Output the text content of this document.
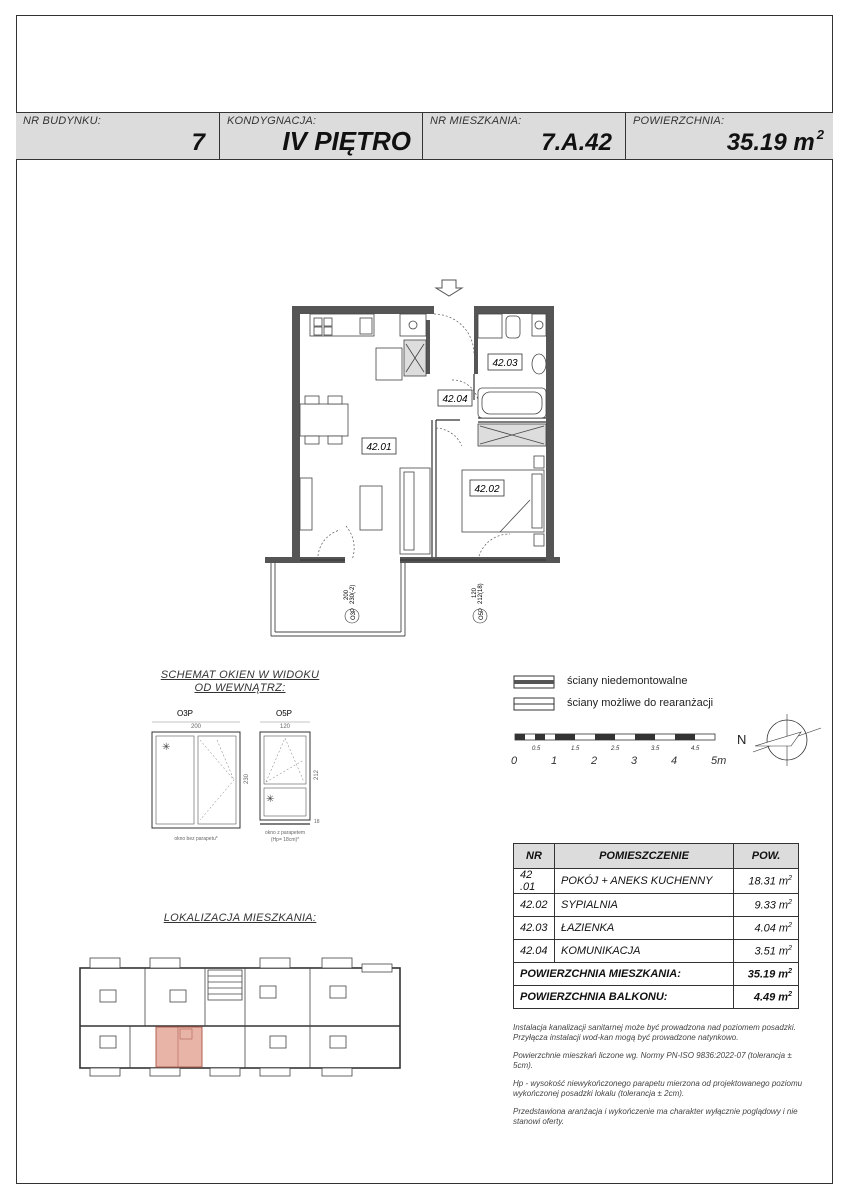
NR BUDYNKU:
7
KONDYGNACJA:
IV PIĘTRO
NR MIESZKANIA:
7.A.42
POWIERZCHNIA:
35.19 m $^2$
42.01
42.02
42.03
42.04
200 230(-2)
O3P
120 212(18)
O5P
SCHEMAT OKIEN W WIDOKU
OD WEWNĄTRZ:
O3P
200
✳
230
okno bez parapetu*
O5P
120
✳
212
18
okno z parapetem
(Hp= 18cm)*
ściany niedemontowalne
ściany możliwe do rearanżacji
0.5	1.5	2.5	3.5	4.5
0	1	2	3	4	5m
N
LOKALIZACJA MIESZKANIA:
NR	POMIESZCZENIE	POW.
42 .01	POKÓJ + ANEKS KUCHENNY	18.31 $m^2$
42.02	SYPIALNIA	9.33 $m^2$
42.03	ŁAZIENKA	4.04 $m^2$
42.04	KOMUNIKACJA	3.51 $m^2$
POWIERZCHNIA MIESZKANIA:		35.19 $m^2$
POWIERZCHNIA BALKONU:		4.49 $m^2$
Instalacja kanalizacji sanitarnej może być prowadzona nad poziomem posadzki. Przyłącza instalacji wod-kan mogą być prowadzone natynkowo.
Powierzchnie mieszkań liczone wg. Normy PN-ISO 9836:2022-07 (tolerancja ± 5cm).
Hp - wysokość niewykończonego parapetu mierzona od projektowanego poziomu wykończonej posadzki lokalu (tolerancja ± 2cm).
Przedstawiona aranżacja i wykończenie ma charakter wyłącznie poglądowy i nie stanowi oferty.
